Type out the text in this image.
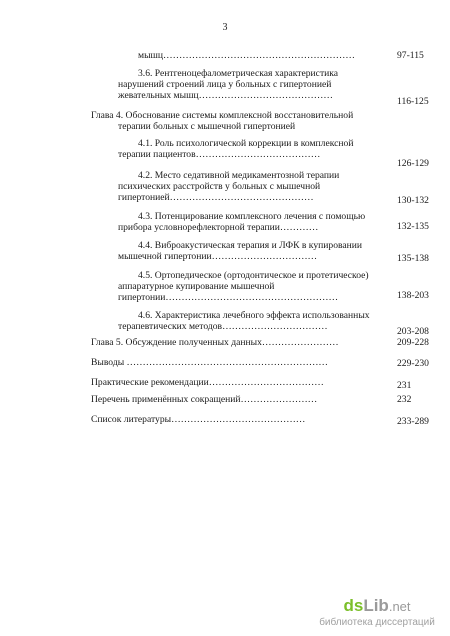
3
мышц……………………………………………………	97-115
3.6. Рентгеноцефалометрическая характеристика
нарушений строений лица у больных с гипертонией
жевательных мышц……………………………………
116-125
Глава 4. Обоснование системы комплексной восстановительной
терапии больных с мышечной гипертонией
4.1. Роль психологической коррекции в комплексной
терапии пациентов…………………………………
126-129
4.2. Место седативной медикаментозной терапии
психических расстройств у больных с мышечной
гипертонией………………………………………	130-132
4.3. Потенцирование комплексного лечения с помощью
прибора условнорефлекторной терапии…………	132-135
4.4. Виброакустическая терапия и ЛФК в купировании
мышечной гипертонии……………………………	135-138
4.5. Ортопедическое (ортодонтическое и протетическое)
аппаратурное купирование мышечной
гипертонии………………………………………………	138-203
4.6. Характеристика лечебного эффекта использованных
терапевтических методов……………………………	203-208
Глава 5. Обсуждение полученных данных……………………	209-228
Выводы ………………………………………………………	229-230
Практические рекомендации………………………………	231
Перечень применённых сокращений……………………	232
Список литературы……………………………………	233-289
dsLib.net
библиотека диссертаций
